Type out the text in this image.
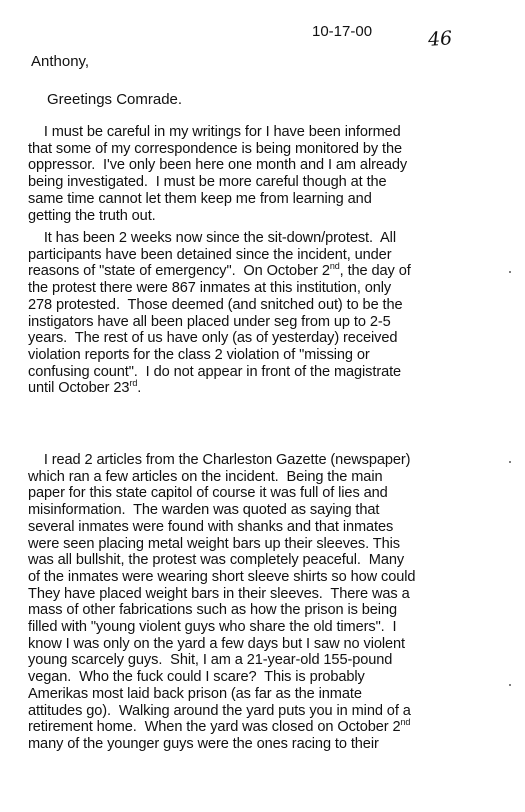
10-17-00	46
Anthony,
Greetings Comrade.
I must be careful in my writings for I have been informed
that some of my correspondence is being monitored by the
oppressor.  I've only been here one month and I am already
being investigated.  I must be more careful though at the
same time cannot let them keep me from learning and
getting the truth out.
It has been 2 weeks now since the sit-down/protest.  All
participants have been detained since the incident, under
reasons of "state of emergency".  On October 2nd, the day of
the protest there were 867 inmates at this institution, only
278 protested.  Those deemed (and snitched out) to be the
instigators have all been placed under seg from up to 2-5
years.  The rest of us have only (as of yesterday) received
violation reports for the class 2 violation of "missing or
confusing count".  I do not appear in front of the magistrate
until October 23rd.
I read 2 articles from the Charleston Gazette (newspaper)
which ran a few articles on the incident.  Being the main
paper for this state capitol of course it was full of lies and
misinformation.  The warden was quoted as saying that
several inmates were found with shanks and that inmates
were seen placing metal weight bars up their sleeves. This
was all bullshit, the protest was completely peaceful.  Many
of the inmates were wearing short sleeve shirts so how could
They have placed weight bars in their sleeves.  There was a
mass of other fabrications such as how the prison is being
filled with "young violent guys who share the old timers".  I
know I was only on the yard a few days but I saw no violent
young scarcely guys.  Shit, I am a 21-year-old 155-pound
vegan.  Who the fuck could I scare?  This is probably
Amerikas most laid back prison (as far as the inmate
attitudes go).  Walking around the yard puts you in mind of a
retirement home.  When the yard was closed on October 2nd
many of the younger guys were the ones racing to their
